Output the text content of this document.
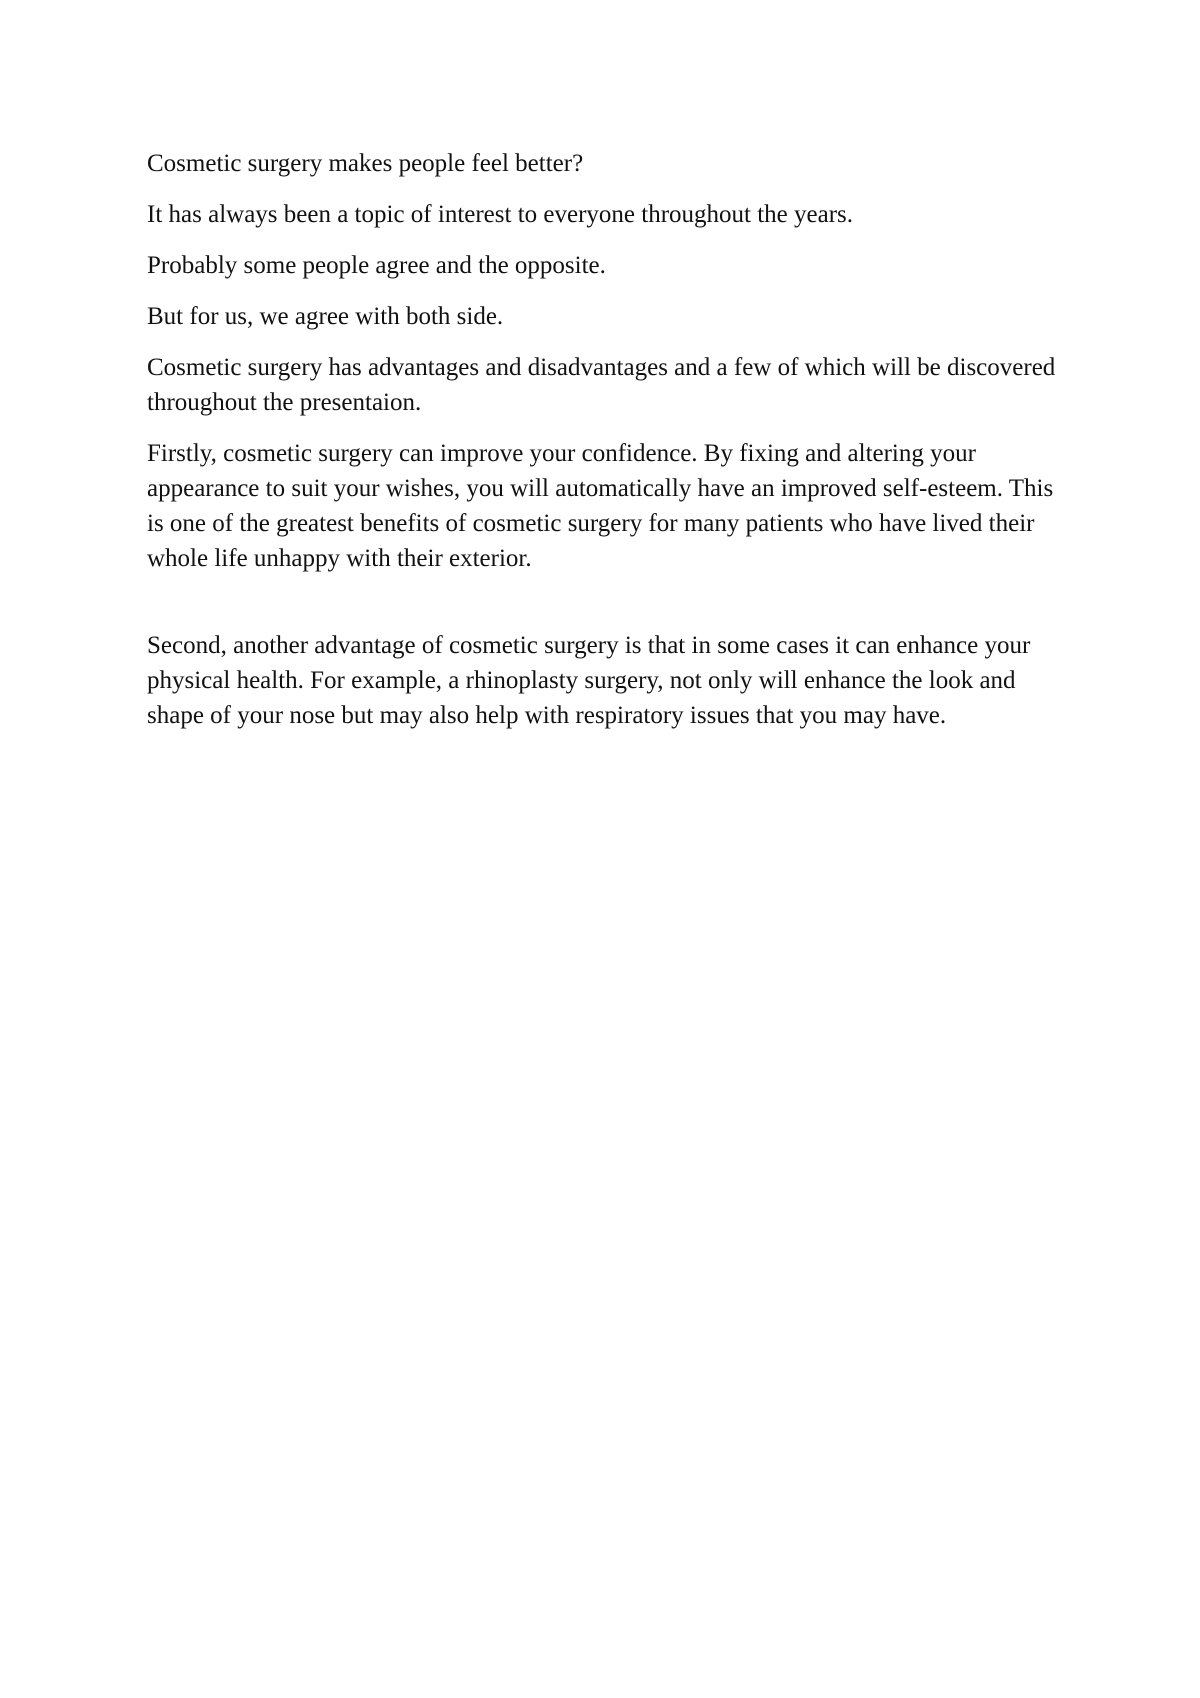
Cosmetic surgery makes people feel better?

It has always been a topic of interest to everyone throughout the years.

Probably some people agree and the opposite.

But for us, we agree with both side.

Cosmetic surgery has advantages and disadvantages and a few of which will be discovered throughout the presentaion.

Firstly, cosmetic surgery can improve your confidence. By fixing and altering your appearance to suit your wishes, you will automatically have an improved self-esteem. This is one of the greatest benefits of cosmetic surgery for many patients who have lived their whole life unhappy with their exterior.

Second, another advantage of cosmetic surgery is that in some cases it can enhance your physical health. For example, a rhinoplasty surgery, not only will enhance the look and shape of your nose but may also help with respiratory issues that you may have.
